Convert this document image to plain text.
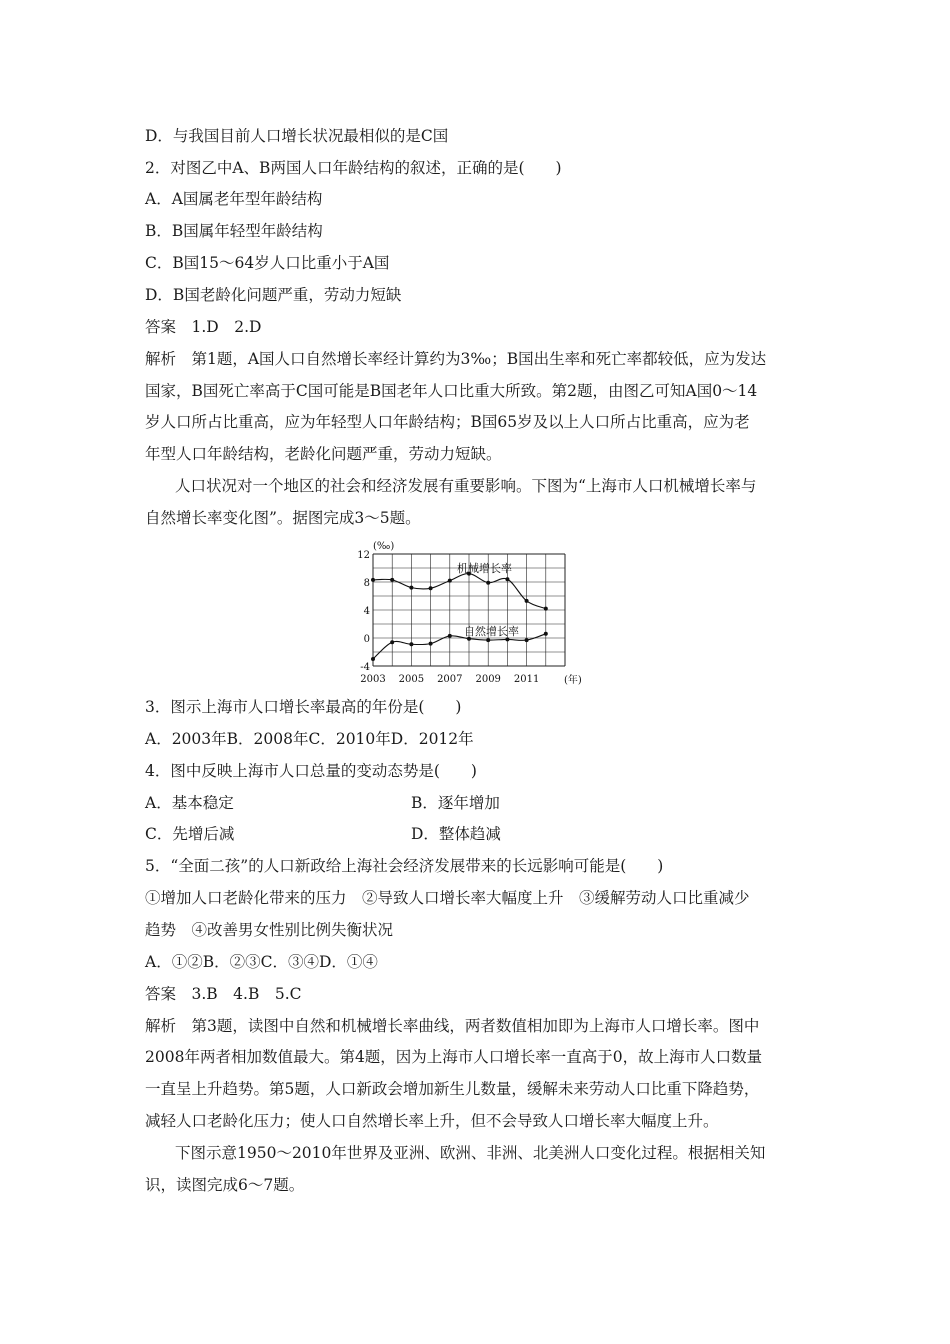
D．与我国目前人口增长状况最相似的是C国
2．对图乙中A、B两国人口年龄结构的叙述，正确的是(　　)
A．A国属老年型年龄结构
B．B国属年轻型年龄结构
C．B国15～64岁人口比重小于A国
D．B国老龄化问题严重，劳动力短缺
答案　1.D　2.D
解析　第1题，A国人口自然增长率经计算约为3‰；B国出生率和死亡率都较低，应为发达
国家，B国死亡率高于C国可能是B国老年人口比重大所致。第2题，由图乙可知A国0～14
岁人口所占比重高，应为年轻型人口年龄结构；B国65岁及以上人口所占比重高，应为老
年型人口年龄结构，老龄化问题严重，劳动力短缺。
人口状况对一个地区的社会和经济发展有重要影响。下图为“上海市人口机械增长率与
自然增长率变化图”。据图完成3～5题。
12
8
4
0
-4
2003 2005 2007 2009 2011
(‰)
(年)
机械增长率
自然增长率
3．图示上海市人口增长率最高的年份是(　　)
A．2003年B．2008年C．2010年D．2012年
4．图中反映上海市人口总量的变动态势是(　　)
A．基本稳定	B．逐年增加
C．先增后减	D．整体趋减
5．“全面二孩”的人口新政给上海社会经济发展带来的长远影响可能是(　　)
①增加人口老龄化带来的压力　②导致人口增长率大幅度上升　③缓解劳动人口比重减少
趋势　④改善男女性别比例失衡状况
A．①②B．②③C．③④D．①④
答案　3.B　4.B　5.C
解析　第3题，读图中自然和机械增长率曲线，两者数值相加即为上海市人口增长率。图中
2008年两者相加数值最大。第4题，因为上海市人口增长率一直高于0，故上海市人口数量
一直呈上升趋势。第5题，人口新政会增加新生儿数量，缓解未来劳动人口比重下降趋势，
减轻人口老龄化压力；使人口自然增长率上升，但不会导致人口增长率大幅度上升。
下图示意1950～2010年世界及亚洲、欧洲、非洲、北美洲人口变化过程。根据相关知
识，读图完成6～7题。
